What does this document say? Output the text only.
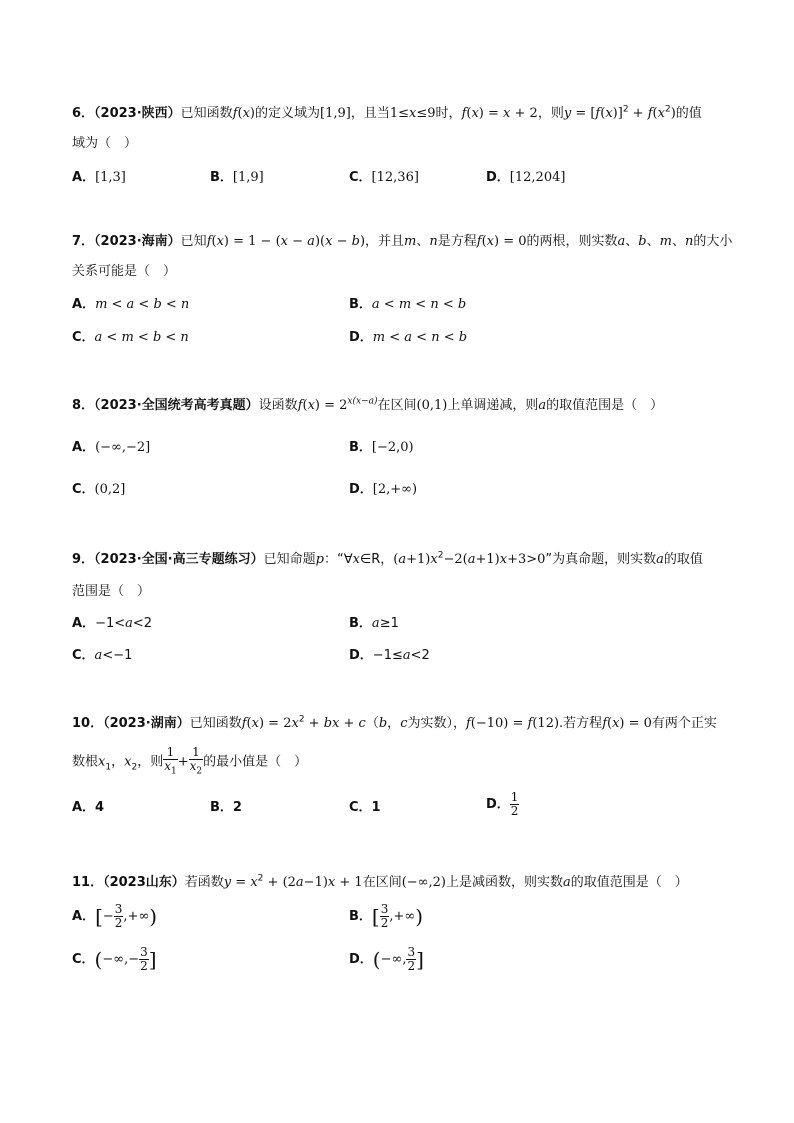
6．（2023·陕西）已知函数f(x)的定义域为[1,9]，且当1≤x≤9时，f(x) = x + 2，则$y = [f(x)]^2 + f(x^2)$的值
域为（　）
A．[1,3]	B．[1,9]	C．[12,36]	D．[12,204]
7．（2023·海南）已知f(x) = 1 − (x − a)(x − b)，并且m、n是方程f(x) = 0的两根，则实数a、b、m、n的大小
关系可能是（　）
A．m < a < b < n	B．a < m < n < b
C．a < m < b < n	D．m < a < n < b
8．（2023·全国统考高考真题）设函数$f(x) = 2^{x(x-a)}$在区间(0,1)上单调递减，则a的取值范围是（　）
A．(−∞,−2]	B．[−2,0)
C．(0,2]	D．[2,+∞)
9．（2023·全国·高三专题练习）已知命题p：“∀x∈R，$(a+1)x^2-2(a+1)x+3>0$”为真命题，则实数a的取值
范围是（　）
A．−1<a<2	B．a≥1
C．a<−1	D．−1≤a<2
10．（2023·湖南）已知函数$f(x) = 2x^2$ + bx + c（b，c为实数），f(−10) = f(12).若方程f(x) = 0有两个正实
数根$x_1$，$x_2$，则 $\frac{1}{x_1} + \frac{1}{x_2}$ 的最小值是（　）
A．4	B．2	C．1	D． $\frac{1}{2}$
11．（2023山东）若函数$y = x^2 + (2a-1)x + 1$在区间(−∞,2)上是减函数，则实数a的取值范围是（　）
A．[− $\frac{3}{2}$ ,+∞)	B．[ $\frac{3}{2}$ ,+∞)
C．(−∞,− $\frac{3}{2}$ ]	D．(−∞, $\frac{3}{2}$ ]
